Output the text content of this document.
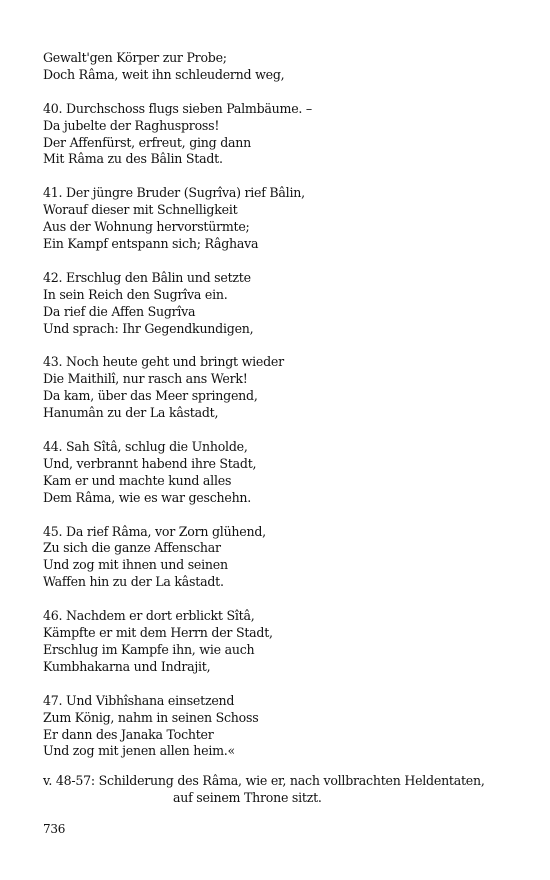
Gewalt'gen Körper zur Probe;
Doch Râma, weit ihn schleudernd weg,
40. Durchschoss flugs sieben Palmbäume. –
Da jubelte der Raghuspross!
Der Affenfürst, erfreut, ging dann
Mit Râma zu des Bâlin Stadt.
41. Der jüngre Bruder (Sugrîva) rief Bâlin,
Worauf dieser mit Schnelligkeit
Aus der Wohnung hervorstürmte;
Ein Kampf entspann sich; Râghava
42. Erschlug den Bâlin und setzte
In sein Reich den Sugrîva ein.
Da rief die Affen Sugrîva
Und sprach: Ihr Gegendkundigen,
43. Noch heute geht und bringt wieder
Die Maithilî, nur rasch ans Werk!
Da kam, über das Meer springend,
Hanumân zu der La kâstadt,
44. Sah Sîtâ, schlug die Unholde,
Und, verbrannt habend ihre Stadt,
Kam er und machte kund alles
Dem Râma, wie es war geschehn.
45. Da rief Râma, vor Zorn glühend,
Zu sich die ganze Affenschar
Und zog mit ihnen und seinen
Waffen hin zu der La kâstadt.
46. Nachdem er dort erblickt Sîtâ,
Kämpfte er mit dem Herrn der Stadt,
Erschlug im Kampfe ihn, wie auch
Kumbhakarna und Indrajit,
47. Und Vibhîshana einsetzend
Zum König, nahm in seinen Schoss
Er dann des Janaka Tochter
Und zog mit jenen allen heim.«
v. 48-57: Schilderung des Râma, wie er, nach vollbrachten Heldentaten,
auf seinem Throne sitzt.
736
